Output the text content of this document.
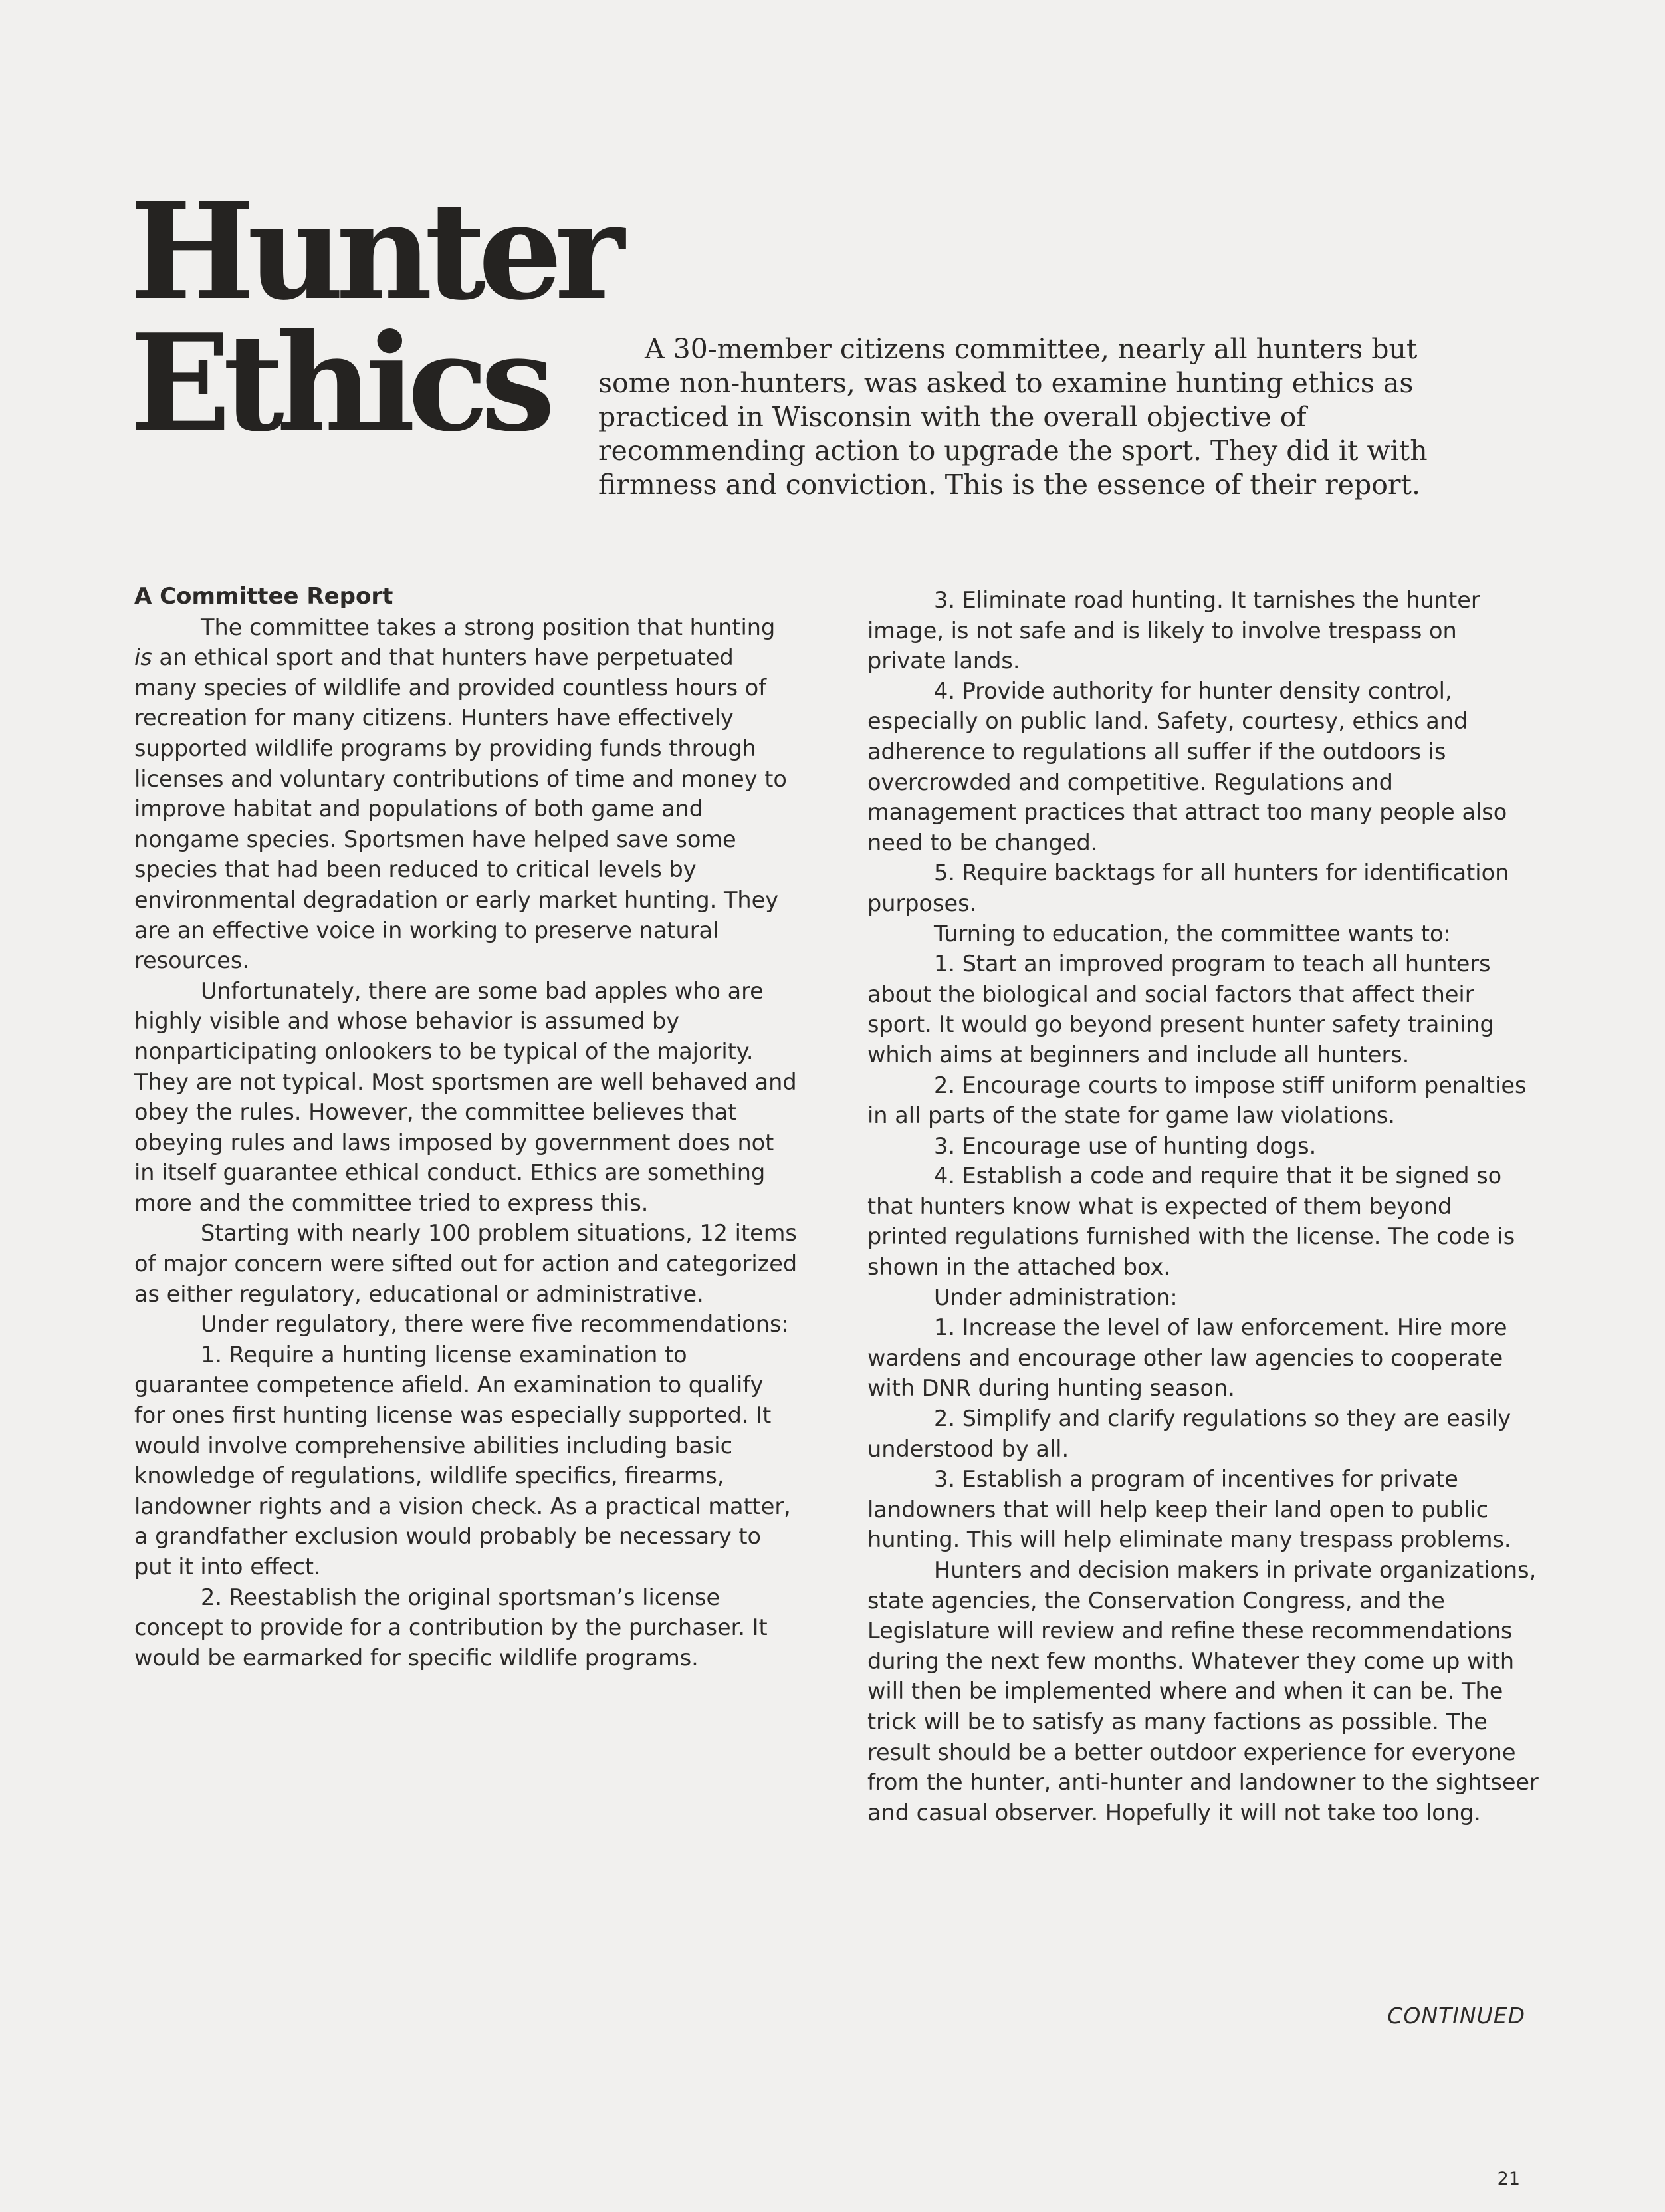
Hunter
Ethics	A 30-member citizens committee, nearly all hunters but some non-hunters, was asked to examine hunting ethics as practiced in Wisconsin with the overall objective of recommending action to upgrade the sport. They did it with firmness and conviction. This is the essence of their report.

A Committee Report

The committee takes a strong position that hunting is an ethical sport and that hunters have perpetuated many species of wildlife and provided countless hours of recreation for many citizens. Hunters have effectively supported wildlife programs by providing funds through licenses and voluntary contributions of time and money to improve habitat and populations of both game and nongame species. Sportsmen have helped save some species that had been reduced to critical levels by environmental degradation or early market hunting. They are an effective voice in working to preserve natural resources.

Unfortunately, there are some bad apples who are highly visible and whose behavior is assumed by nonparticipating onlookers to be typical of the majority. They are not typical. Most sportsmen are well behaved and obey the rules. However, the committee believes that obeying rules and laws imposed by government does not in itself guarantee ethical conduct. Ethics are something more and the committee tried to express this.

Starting with nearly 100 problem situations, 12 items of major concern were sifted out for action and categorized as either regulatory, educational or administrative.

Under regulatory, there were five recommendations:

1. Require a hunting license examination to guarantee competence afield. An examination to qualify for ones first hunting license was especially supported. It would involve comprehensive abilities including basic knowledge of regulations, wildlife specifics, firearms, landowner rights and a vision check. As a practical matter, a grandfather exclusion would probably be necessary to put it into effect.

2. Reestablish the original sportsman’s license concept to provide for a contribution by the purchaser. It would be earmarked for specific wildlife programs.

3. Eliminate road hunting. It tarnishes the hunter image, is not safe and is likely to involve trespass on private lands.

4. Provide authority for hunter density control, especially on public land. Safety, courtesy, ethics and adherence to regulations all suffer if the outdoors is overcrowded and competitive. Regulations and management practices that attract too many people also need to be changed.

5. Require backtags for all hunters for identification purposes.

Turning to education, the committee wants to:

1. Start an improved program to teach all hunters about the biological and social factors that affect their sport. It would go beyond present hunter safety training which aims at beginners and include all hunters.

2. Encourage courts to impose stiff uniform penalties in all parts of the state for game law violations.

3. Encourage use of hunting dogs.

4. Establish a code and require that it be signed so that hunters know what is expected of them beyond printed regulations furnished with the license. The code is shown in the attached box.

Under administration:

1. Increase the level of law enforcement. Hire more wardens and encourage other law agencies to cooperate with DNR during hunting season.

2. Simplify and clarify regulations so they are easily understood by all.

3. Establish a program of incentives for private landowners that will help keep their land open to public hunting. This will help eliminate many trespass problems.

Hunters and decision makers in private organizations, state agencies, the Conservation Congress, and the Legislature will review and refine these recommendations during the next few months. Whatever they come up with will then be implemented where and when it can be. The trick will be to satisfy as many factions as possible. The result should be a better outdoor experience for everyone from the hunter, anti-hunter and landowner to the sightseer and casual observer. Hopefully it will not take too long.

CONTINUED
21
